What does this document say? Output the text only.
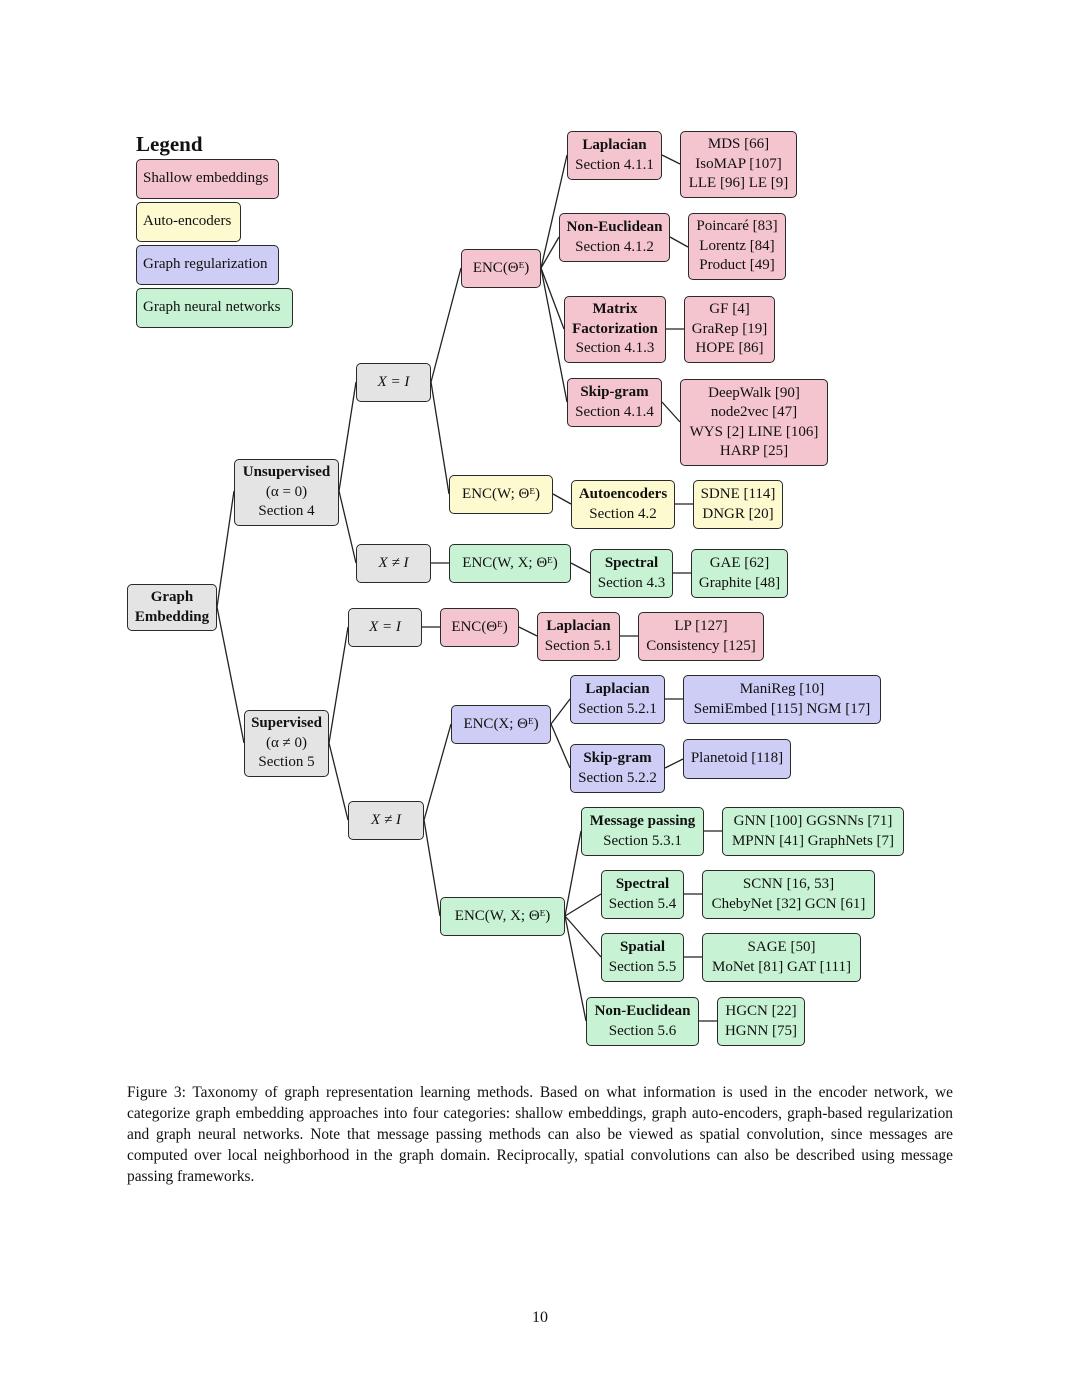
Legend
Shallow embeddings
Auto-encoders
Graph regularization
Graph neural networks
Graph
Embedding
Unsupervised
(α = 0)
Section 4
Supervised
(α ≠ 0)
Section 5
X = I
X ≠ I
X = I
X ≠ I
ENC(Θᴱ)
ENC(W; Θᴱ)
ENC(W, X; Θᴱ)
ENC(Θᴱ)
ENC(X; Θᴱ)
ENC(W, X; Θᴱ)
Laplacian
Section 4.1.1
Non-Euclidean
Section 4.1.2
Matrix
Factorization
Section 4.1.3
Skip-gram
Section 4.1.4
Autoencoders
Section 4.2
Spectral
Section 4.3
Laplacian
Section 5.1
Laplacian
Section 5.2.1
Skip-gram
Section 5.2.2
Message passing
Section 5.3.1
Spectral
Section 5.4
Spatial
Section 5.5
Non-Euclidean
Section 5.6
MDS [66]
IsoMAP [107]
LLE [96] LE [9]
Poincaré [83]
Lorentz [84]
Product [49]
GF [4]
GraRep [19]
HOPE [86]
DeepWalk [90]
node2vec [47]
WYS [2] LINE [106]
HARP [25]
SDNE [114]
DNGR [20]
GAE [62]
Graphite [48]
LP [127]
Consistency [125]
ManiReg [10]
SemiEmbed [115] NGM [17]
Planetoid [118]
GNN [100] GGSNNs [71]
MPNN [41] GraphNets [7]
SCNN [16, 53]
ChebyNet [32] GCN [61]
SAGE [50]
MoNet [81] GAT [111]
HGCN [22]
HGNN [75]
Figure 3: Taxonomy of graph representation learning methods. Based on what information is used in the encoder network, we categorize graph embedding approaches into four categories: shallow embeddings, graph auto-encoders, graph-based regularization and graph neural networks. Note that message passing methods can also be viewed as spatial convolution, since messages are computed over local neighborhood in the graph domain. Reciprocally, spatial convolutions can also be described using message passing frameworks.
10
